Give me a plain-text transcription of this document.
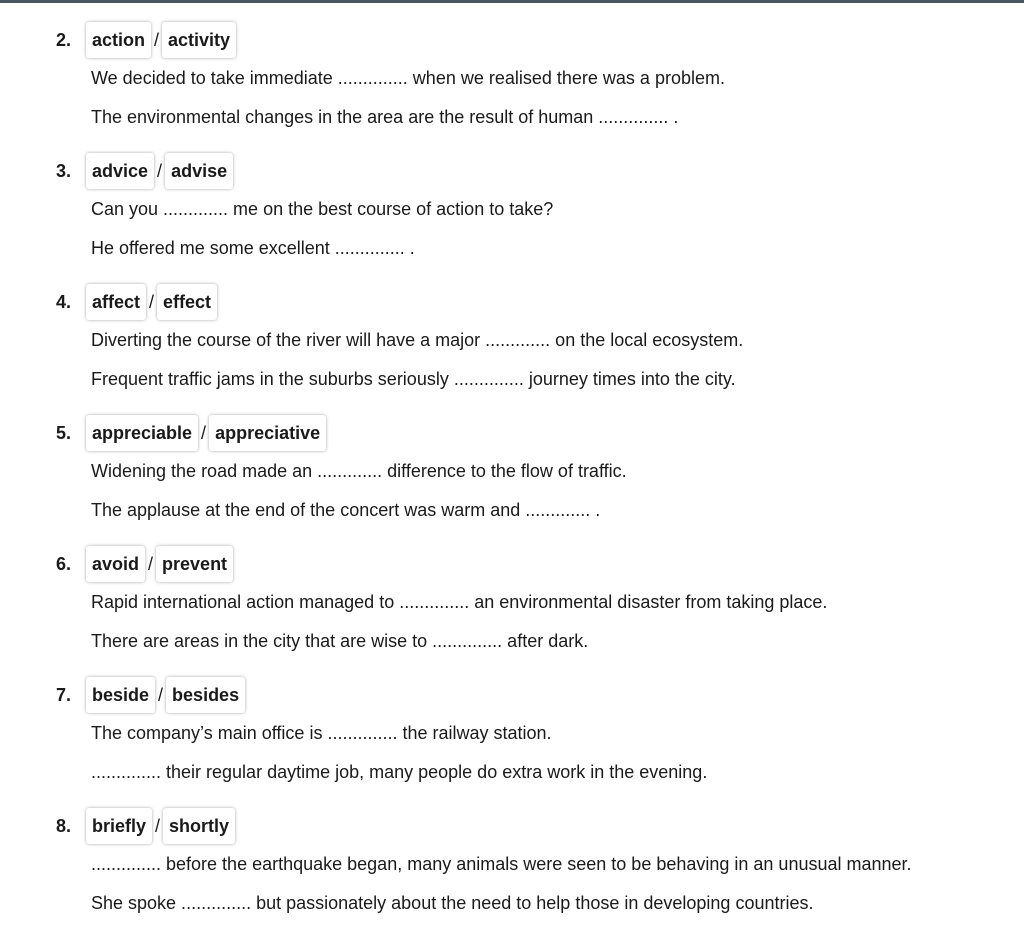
2.	action / activity
We decided to take immediate .............. when we realised there was a problem.
The environmental changes in the area are the result of human .............. .
3.	advice / advise
Can you ............. me on the best course of action to take?
He offered me some excellent .............. .
4.	affect / effect
Diverting the course of the river will have a major ............. on the local ecosystem.
Frequent traffic jams in the suburbs seriously .............. journey times into the city.
5.	appreciable / appreciative
Widening the road made an ............. difference to the flow of traffic.
The applause at the end of the concert was warm and ............. .
6.	avoid / prevent
Rapid international action managed to .............. an environmental disaster from taking place.
There are areas in the city that are wise to .............. after dark.
7.	beside / besides
The company’s main office is .............. the railway station.
.............. their regular daytime job, many people do extra work in the evening.
8.	briefly / shortly
.............. before the earthquake began, many animals were seen to be behaving in an unusual manner.
She spoke .............. but passionately about the need to help those in developing countries.
